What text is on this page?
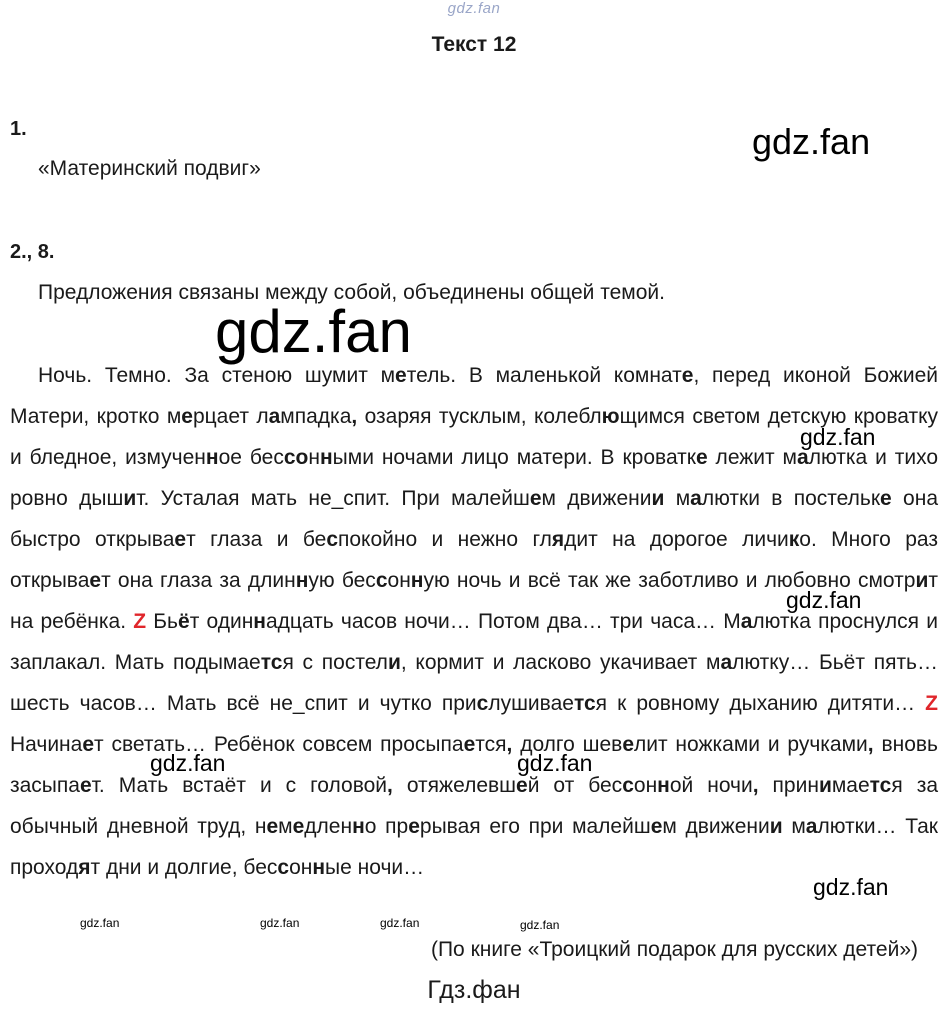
gdz.fan
Текст 12
1.
«Материнский подвиг»
2., 8.
Предложения связаны между собой, объединены общей темой.

Ночь. Темно. За стеною шумит метель. В маленькой комнате, перед иконой Божией Матери, кротко мерцает лампадка, озаряя тусклым, колеблющимся светом детскую кроватку и бледное, измученное бессонными ночами лицо матери. В кроватке лежит малютка и тихо ровно дышит. Усталая мать не_спит. При малейшем движении малютки в постельке она быстро открывает глаза и беспокойно и нежно глядит на дорогое личико. Много раз открывает она глаза за длинную бессонную ночь и всё так же заботливо и любовно смотрит на ребёнка. Z Бьёт одиннадцать часов ночи… Потом два… три часа… Малютка проснулся и заплакал. Мать подымается с постели, кормит и ласково укачивает малютку… Бьёт пять… шесть часов… Мать всё не_спит и чутко прислушивается к ровному дыханию дитяти… Z Начинает светать… Ребёнок совсем просыпается, долго шевелит ножками и ручками, вновь засыпает. Мать встаёт и с головой, отяжелевшей от бессонной ночи, принимается за обычный дневной труд, немедленно прерывая его при малейшем движении малютки… Так проходят дни и долгие, бессонные ночи…

(По книге «Троицкий подарок для русских детей»)
Гдз.фан
gdz.fan
gdz.fan
gdz.fan
gdz.fan
gdz.fan	gdz.fan
gdz.fan
gdz.fan	gdz.fan	gdz.fan	gdz.fan
